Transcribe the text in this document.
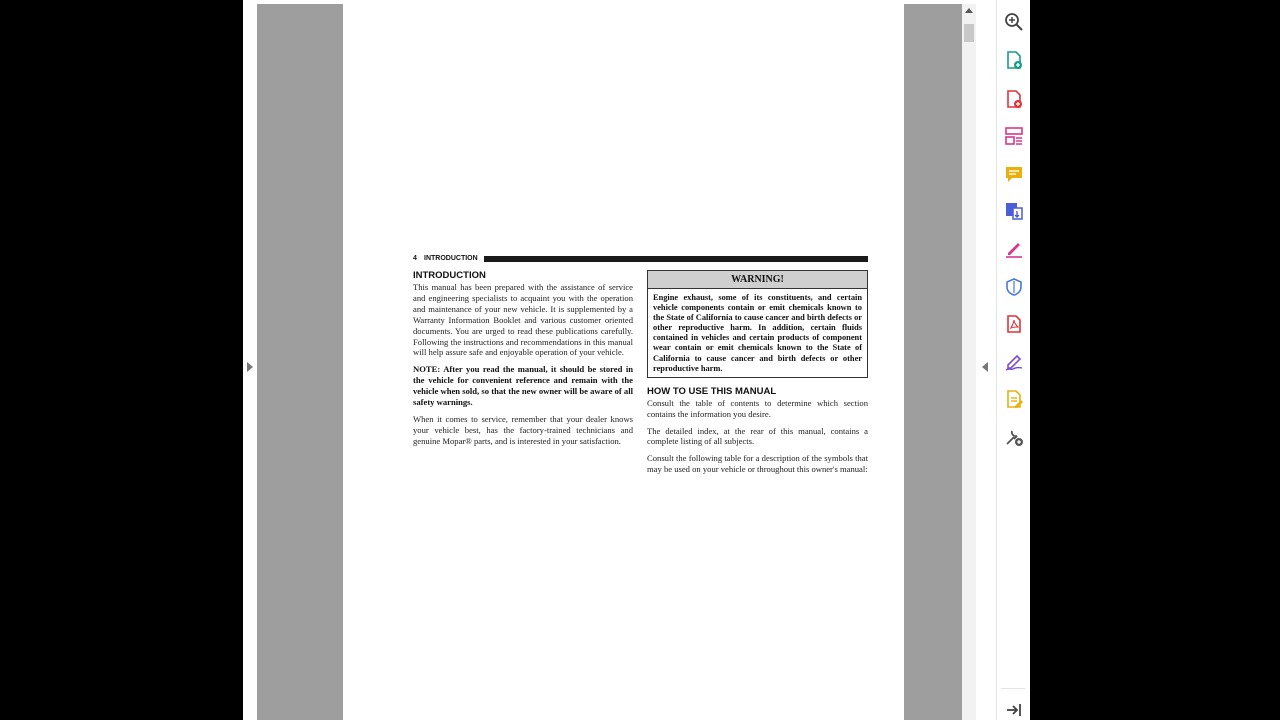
4 INTRODUCTION
INTRODUCTION

This manual has been prepared with the assistance of service and engineering specialists to acquaint you with the operation and maintenance of your new vehicle. It is supplemented by a Warranty Information Booklet and various customer oriented documents. You are urged to read these publications carefully. Following the instructions and recommendations in this manual will help assure safe and enjoyable operation of your vehicle.

NOTE: After you read the manual, it should be stored in the vehicle for convenient reference and remain with the vehicle when sold, so that the new owner will be aware of all safety warnings.

When it comes to service, remember that your dealer knows your vehicle best, has the factory-trained technicians and genuine Mopar® parts, and is interested in your satisfaction.

WARNING!
Engine exhaust, some of its constituents, and certain vehicle components contain or emit chemicals known to the State of California to cause cancer and birth defects or other reproductive harm. In addition, certain fluids contained in vehicles and certain products of component wear contain or emit chemicals known to the State of California to cause cancer and birth defects or other reproductive harm.
HOW TO USE THIS MANUAL

Consult the table of contents to determine which section contains the information you desire.

The detailed index, at the rear of this manual, contains a complete listing of all subjects.

Consult the following table for a description of the symbols that may be used on your vehicle or throughout this owner's manual:
